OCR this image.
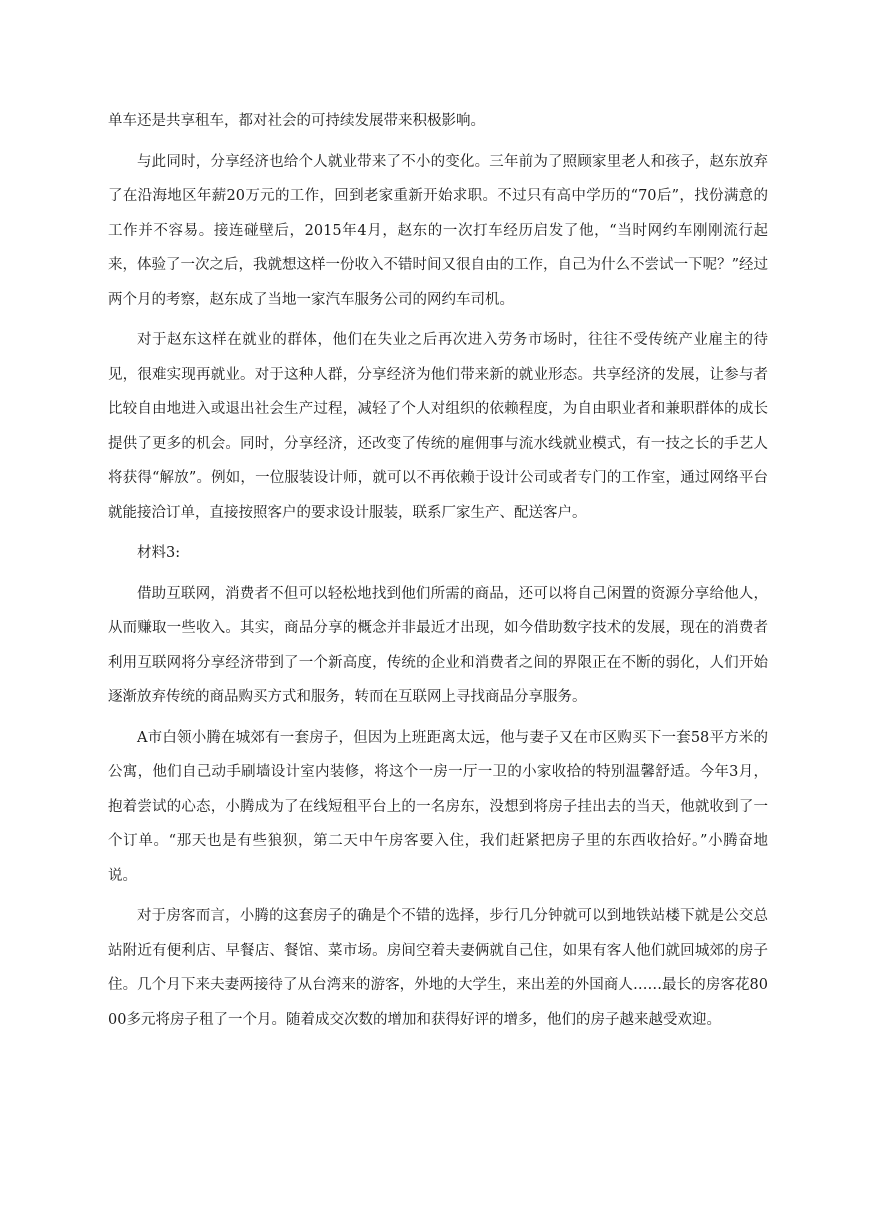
单车还是共享租车，都对社会的可持续发展带来积极影响。

与此同时，分享经济也给个人就业带来了不小的变化。三年前为了照顾家里老人和孩子，赵东放弃了在沿海地区年薪20万元的工作，回到老家重新开始求职。不过只有高中学历的“70后”，找份满意的工作并不容易。接连碰壁后，2015年4月，赵东的一次打车经历启发了他，“当时网约车刚刚流行起来，体验了一次之后，我就想这样一份收入不错时间又很自由的工作，自己为什么不尝试一下呢？”经过两个月的考察，赵东成了当地一家汽车服务公司的网约车司机。

对于赵东这样在就业的群体，他们在失业之后再次进入劳务市场时，往往不受传统产业雇主的待见，很难实现再就业。对于这种人群，分享经济为他们带来新的就业形态。共享经济的发展，让参与者比较自由地进入或退出社会生产过程，减轻了个人对组织的依赖程度，为自由职业者和兼职群体的成长提供了更多的机会。同时，分享经济，还改变了传统的雇佣事与流水线就业模式，有一技之长的手艺人将获得“解放”。例如，一位服装设计师，就可以不再依赖于设计公司或者专门的工作室，通过网络平台就能接洽订单，直接按照客户的要求设计服装，联系厂家生产、配送客户。

材料3:

借助互联网，消费者不但可以轻松地找到他们所需的商品，还可以将自己闲置的资源分享给他人，从而赚取一些收入。其实，商品分享的概念并非最近才出现，如今借助数字技术的发展，现在的消费者利用互联网将分享经济带到了一个新高度，传统的企业和消费者之间的界限正在不断的弱化，人们开始逐渐放弃传统的商品购买方式和服务，转而在互联网上寻找商品分享服务。

A市白领小腾在城郊有一套房子，但因为上班距离太远，他与妻子又在市区购买下一套58平方米的公寓，他们自己动手刷墙设计室内装修，将这个一房一厅一卫的小家收拾的特别温馨舒适。今年3月，抱着尝试的心态，小腾成为了在线短租平台上的一名房东，没想到将房子挂出去的当天，他就收到了一个订单。“那天也是有些狼狈，第二天中午房客要入住，我们赶紧把房子里的东西收拾好。”小腾奋地说。

对于房客而言，小腾的这套房子的确是个不错的选择，步行几分钟就可以到地铁站楼下就是公交总站附近有便利店、早餐店、餐馆、菜市场。房间空着夫妻俩就自己住，如果有客人他们就回城郊的房子住。几个月下来夫妻两接待了从台湾来的游客，外地的大学生，来出差的外国商人……最长的房客花8000多元将房子租了一个月。随着成交次数的增加和获得好评的增多，他们的房子越来越受欢迎。
